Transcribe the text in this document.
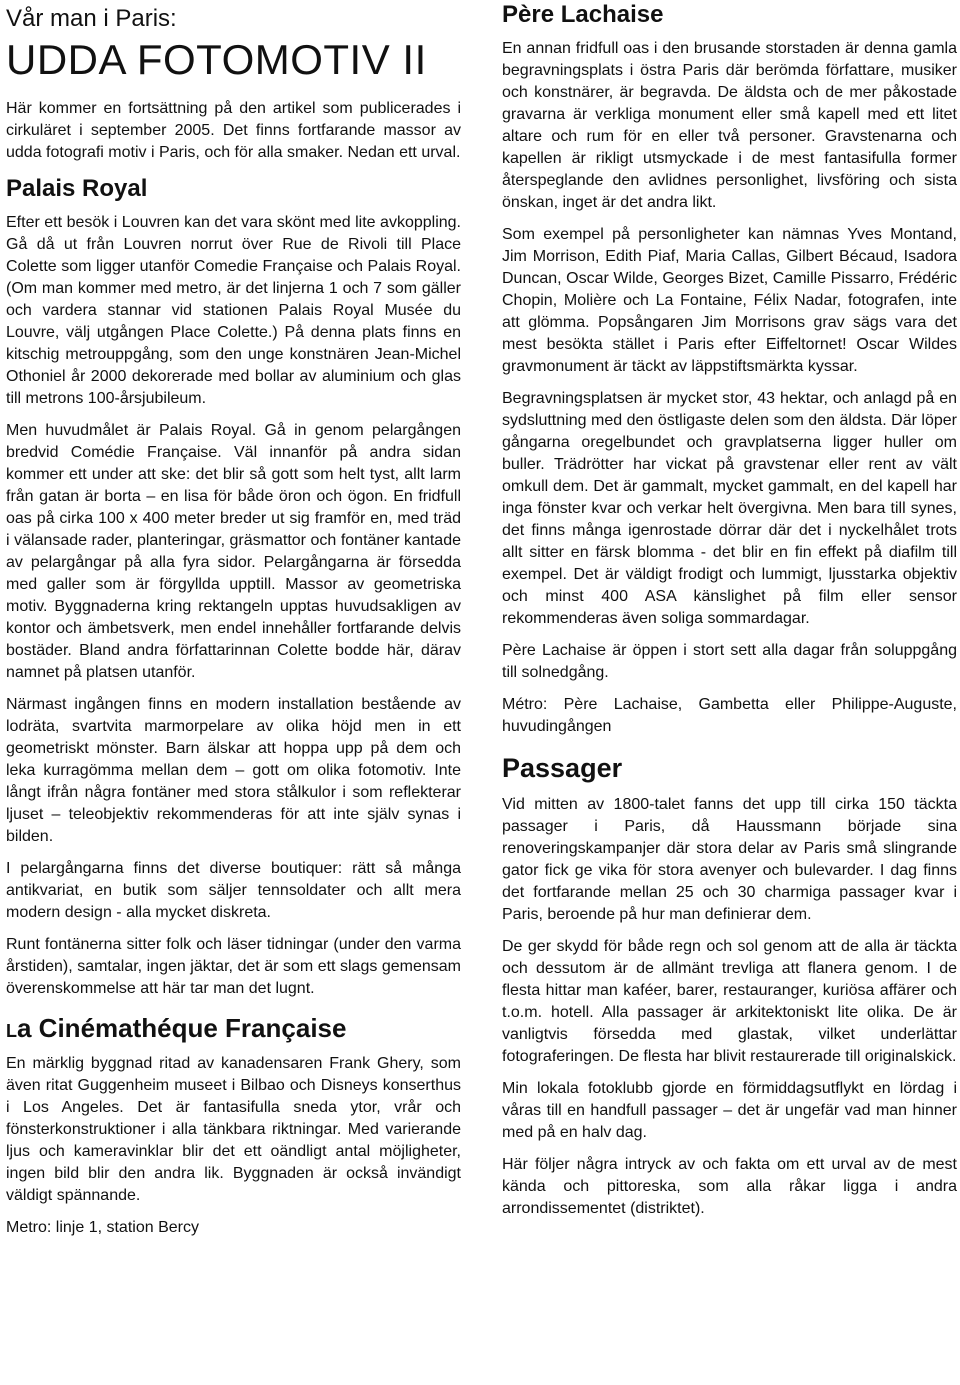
Vår man i Paris:
UDDA FOTOMOTIV II

Här kommer en fortsättning på den artikel som publicerades i cirkuläret i september 2005. Det finns fortfarande massor av udda fotografi motiv i Paris, och för alla smaker. Nedan ett urval.

Palais Royal

Efter ett besök i Louvren kan det vara skönt med lite avkoppling. Gå då ut från Louvren norrut över Rue de Rivoli till Place Colette som ligger utanför Comedie Française och Palais Royal. (Om man kommer med metro, är det linjerna 1 och 7 som gäller och vardera stannar vid stationen Palais Royal Musée du Louvre, välj utgången Place Colette.) På denna plats finns en kitschig metrouppgång, som den unge konstnären Jean-Michel Othoniel år 2000 dekorerade med bollar av aluminium och glas till metrons 100-årsjubileum.

Men huvudmålet är Palais Royal. Gå in genom pelargången bredvid Comédie Française. Väl innanför på andra sidan kommer ett under att ske: det blir så gott som helt tyst, allt larm från gatan är borta – en lisa för både öron och ögon. En fridfull oas på cirka 100 x 400 meter breder ut sig framför en, med träd i välansade rader, planteringar, gräsmattor och fontäner kantade av pelargångar på alla fyra sidor. Pelargångarna är försedda med galler som är förgyllda upptill. Massor av geometriska motiv. Byggnaderna kring rektangeln upptas huvudsakligen av kontor och ämbetsverk, men endel innehåller fortfarande delvis bostäder. Bland andra författarinnan Colette bodde här, därav namnet på platsen utanför.

Närmast ingången finns en modern installation bestående av lodräta, svartvita marmorpelare av olika höjd men in ett geometriskt mönster. Barn älskar att hoppa upp på dem och leka kurragömma mellan dem – gott om olika fotomotiv. Inte långt ifrån några fontäner med stora stålkulor i som reflekterar ljuset – teleobjektiv rekommenderas för att inte själv synas i bilden.

I pelargångarna finns det diverse boutiquer: rätt så många antikvariat, en butik som säljer tennsoldater och allt mera modern design - alla mycket diskreta.

Runt fontänerna sitter folk och läser tidningar (under den varma årstiden), samtalar, ingen jäktar, det är som ett slags gemensam överenskommelse att här tar man det lugnt.

La Cinémathéque Française

En märklig byggnad ritad av kanadensaren Frank Ghery, som även ritat Guggenheim museet i Bilbao och Disneys konserthus i Los Angeles. Det är fantasifulla sneda ytor, vrår och fönsterkonstruktioner i alla tänkbara riktningar. Med varierande ljus och kameravinklar blir det ett oändligt antal möjligheter, ingen bild blir den andra lik. Byggnaden är också invändigt väldigt spännande.

Metro: linje 1, station Bercy

Père Lachaise

En annan fridfull oas i den brusande storstaden är denna gamla begravningsplats i östra Paris där berömda författare, musiker och konstnärer, är begravda. De äldsta och de mer påkostade gravarna är verkliga monument eller små kapell med ett litet altare och rum för en eller två personer. Gravstenarna och kapellen är rikligt utsmyckade i de mest fantasifulla former återspeglande den avlidnes personlighet, livsföring och sista önskan, inget är det andra likt.

Som exempel på personligheter kan nämnas Yves Montand, Jim Morrison, Edith Piaf, Maria Callas, Gilbert Bécaud, Isadora Duncan, Oscar Wilde, Georges Bizet, Camille Pissarro, Frédéric Chopin, Molière och La Fontaine, Félix Nadar, fotografen, inte att glömma. Popsångaren Jim Morrisons grav sägs vara det mest besökta stället i Paris efter Eiffeltornet! Oscar Wildes gravmonument är täckt av läppstiftsmärkta kyssar.

Begravningsplatsen är mycket stor, 43 hektar, och anlagd på en sydsluttning med den östligaste delen som den äldsta. Där löper gångarna oregelbundet och gravplatserna ligger huller om buller. Trädrötter har vickat på gravstenar eller rent av vält omkull dem. Det är gammalt, mycket gammalt, en del kapell har inga fönster kvar och verkar helt övergivna. Men bara till synes, det finns många igenrostade dörrar där det i nyckelhålet trots allt sitter en färsk blomma - det blir en fin effekt på diafilm till exempel. Det är väldigt frodigt och lummigt, ljusstarka objektiv och minst 400 ASA känslighet på film eller sensor rekommenderas även soliga sommardagar.

Père Lachaise är öppen i stort sett alla dagar från soluppgång till solnedgång.

Métro: Père Lachaise, Gambetta eller Philippe-Auguste, huvudingången

Passager

Vid mitten av 1800-talet fanns det upp till cirka 150 täckta passager i Paris, då Haussmann började sina renoveringskampanjer där stora delar av Paris små slingrande gator fick ge vika för stora avenyer och bulevarder. I dag finns det fortfarande mellan 25 och 30 charmiga passager kvar i Paris, beroende på hur man definierar dem.

De ger skydd för både regn och sol genom att de alla är täckta och dessutom är de allmänt trevliga att flanera genom. I de flesta hittar man kaféer, barer, restauranger, kuriösa affärer och t.o.m. hotell. Alla passager är arkitektoniskt lite olika. De är vanligtvis försedda med glastak, vilket underlättar fotograferingen. De flesta har blivit restaurerade till originalskick.

Min lokala fotoklubb gjorde en förmiddagsutflykt en lördag i våras till en handfull passager – det är ungefär vad man hinner med på en halv dag.

Här följer några intryck av och fakta om ett urval av de mest kända och pittoreska, som alla råkar ligga i andra arrondissementet (distriktet).
